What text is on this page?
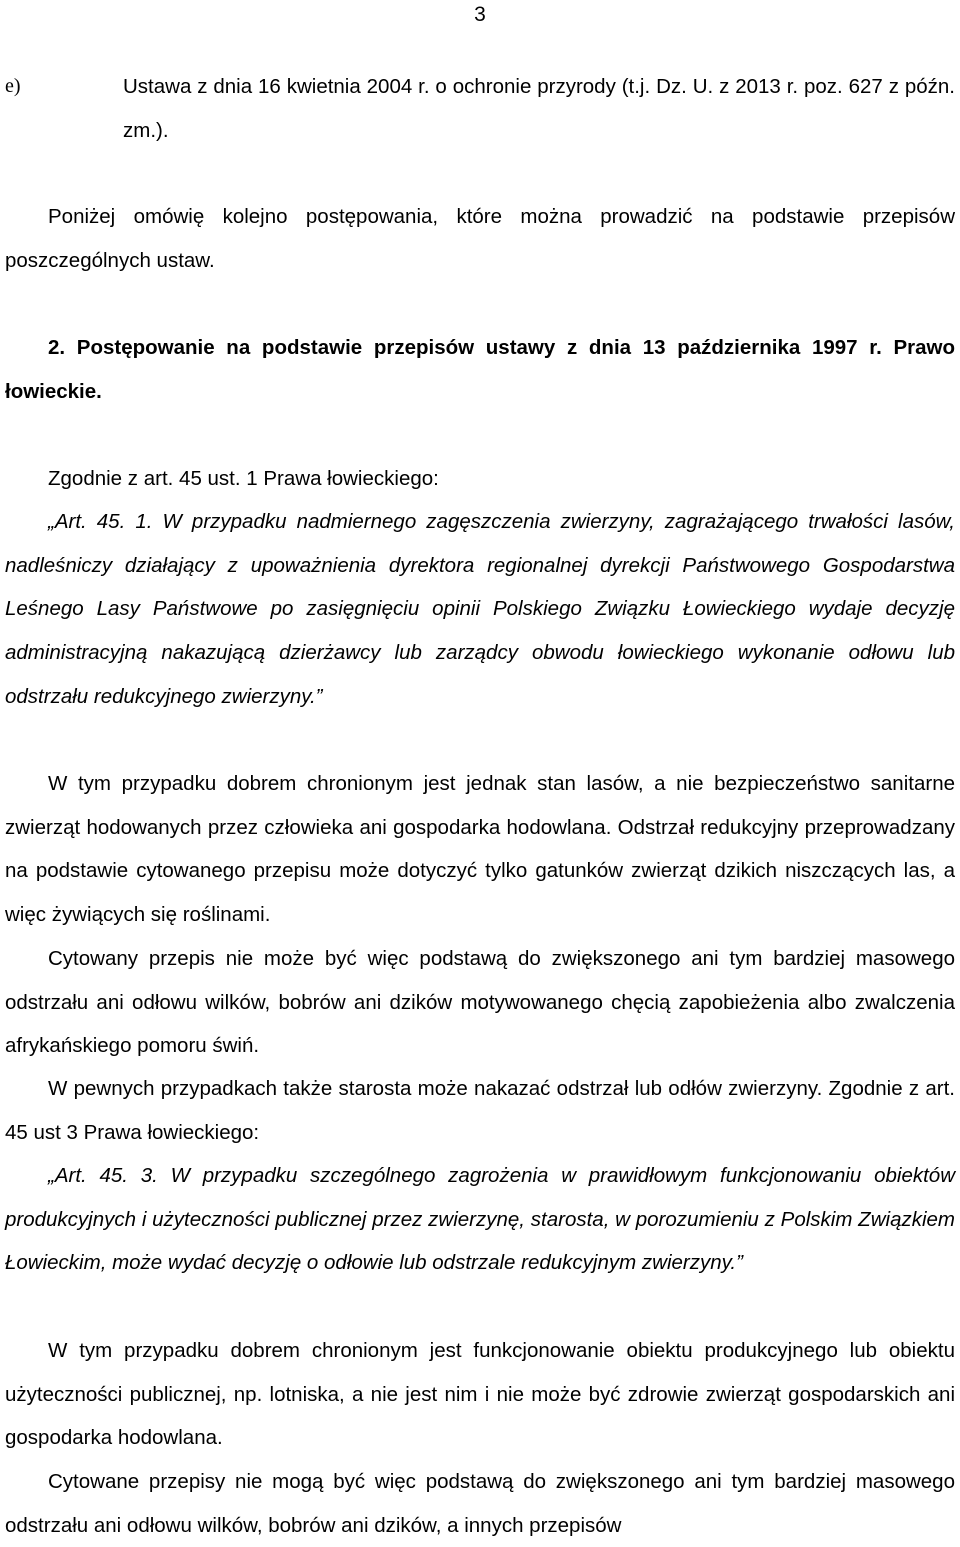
3
e)	Ustawa z dnia 16 kwietnia 2004 r. o ochronie przyrody (t.j. Dz. U. z 2013 r. poz. 627 z późn. zm.).

Poniżej omówię kolejno postępowania, które można prowadzić na podstawie przepisów poszczególnych ustaw.

2. Postępowanie na podstawie przepisów ustawy z dnia 13 października 1997 r. Prawo łowieckie.

Zgodnie z art. 45 ust. 1 Prawa łowieckiego:

„Art. 45. 1. W przypadku nadmiernego zagęszczenia zwierzyny, zagrażającego trwałości lasów, nadleśniczy działający z upoważnienia dyrektora regionalnej dyrekcji Państwowego Gospodarstwa Leśnego Lasy Państwowe po zasięgnięciu opinii Polskiego Związku Łowieckiego wydaje decyzję administracyjną nakazującą dzierżawcy lub zarządcy obwodu łowieckiego wykonanie odłowu lub odstrzału redukcyjnego zwierzyny.”

W tym przypadku dobrem chronionym jest jednak stan lasów, a nie bezpieczeństwo sanitarne zwierząt hodowanych przez człowieka ani gospodarka hodowlana. Odstrzał redukcyjny przeprowadzany na podstawie cytowanego przepisu może dotyczyć tylko gatunków zwierząt dzikich niszczących las, a więc żywiących się roślinami.

Cytowany przepis nie może być więc podstawą do zwiększonego ani tym bardziej masowego odstrzału ani odłowu wilków, bobrów ani dzików motywowanego chęcią zapobieżenia albo zwalczenia afrykańskiego pomoru świń.

W pewnych przypadkach także starosta może nakazać odstrzał lub odłów zwierzyny. Zgodnie z art. 45 ust 3 Prawa łowieckiego:

„Art. 45. 3. W przypadku szczególnego zagrożenia w prawidłowym funkcjonowaniu obiektów produkcyjnych i użyteczności publicznej przez zwierzynę, starosta, w porozumieniu z Polskim Związkiem Łowieckim, może wydać decyzję o odłowie lub odstrzale redukcyjnym zwierzyny.”

W tym przypadku dobrem chronionym jest funkcjonowanie obiektu produkcyjnego lub obiektu użyteczności publicznej, np. lotniska, a nie jest nim i nie może być zdrowie zwierząt gospodarskich ani gospodarka hodowlana.

Cytowane przepisy nie mogą być więc podstawą do zwiększonego ani tym bardziej masowego odstrzału ani odłowu wilków, bobrów ani dzików, a innych przepisów
